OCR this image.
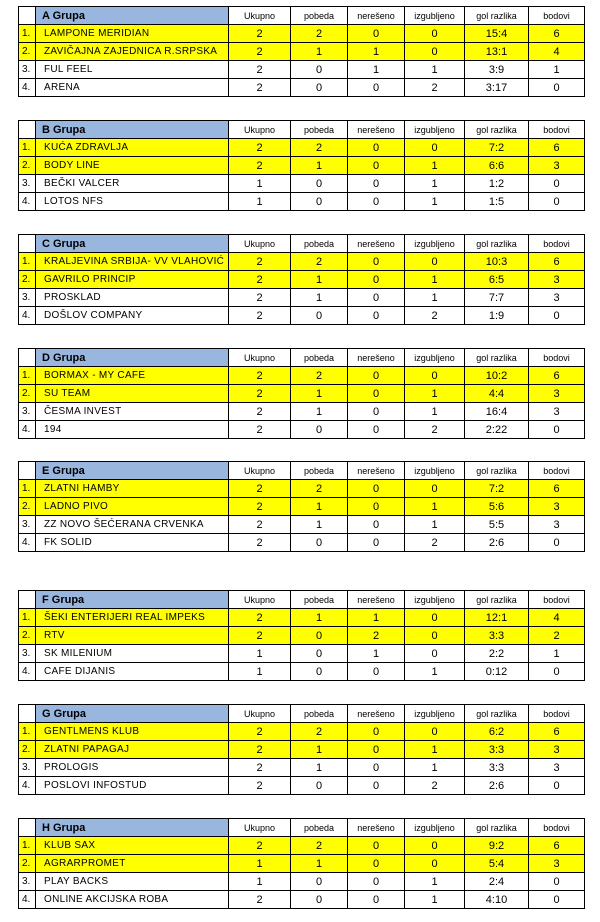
	A Grupa	Ukupno	pobeda	nerešeno	izgubljeno	gol razlika	bodovi
1.	LAMPONE MERIDIAN	2	2	0	0	15:4	6
2.	ZAVIČAJNA ZAJEDNICA R.SRPSKA	2	1	1	0	13:1	4
3.	FUL FEEL	2	0	1	1	3:9	1
4.	ARENA	2	0	0	2	3:17	0
	B Grupa	Ukupno	pobeda	nerešeno	izgubljeno	gol razlika	bodovi
1.	KUĆA ZDRAVLJA	2	2	0	0	7:2	6
2.	BODY LINE	2	1	0	1	6:6	3
3.	BEČKI VALCER	1	0	0	1	1:2	0
4.	LOTOS NFS	1	0	0	1	1:5	0
	C Grupa	Ukupno	pobeda	nerešeno	izgubljeno	gol razlika	bodovi
1.	KRALJEVINA SRBIJA- VV VLAHOVIĆ	2	2	0	0	10:3	6
2.	GAVRILO PRINCIP	2	1	0	1	6:5	3
3.	PROSKLAD	2	1	0	1	7:7	3
4.	DOŠLOV COMPANY	2	0	0	2	1:9	0
	D Grupa	Ukupno	pobeda	nerešeno	izgubljeno	gol razlika	bodovi
1.	BORMAX - MY CAFE	2	2	0	0	10:2	6
2.	SU TEAM	2	1	0	1	4:4	3
3.	ČESMA INVEST	2	1	0	1	16:4	3
4.	194	2	0	0	2	2:22	0
	E Grupa	Ukupno	pobeda	nerešeno	izgubljeno	gol razlika	bodovi
1.	ZLATNI HAMBY	2	2	0	0	7:2	6
2.	LADNO PIVO	2	1	0	1	5:6	3
3.	ZZ NOVO ŠEĆERANA CRVENKA	2	1	0	1	5:5	3
4.	FK SOLID	2	0	0	2	2:6	0
	F Grupa	Ukupno	pobeda	nerešeno	izgubljeno	gol razlika	bodovi
1.	ŠEKI ENTERIJERI REAL IMPEKS	2	1	1	0	12:1	4
2.	RTV	2	0	2	0	3:3	2
3.	SK MILENIUM	1	0	1	0	2:2	1
4.	CAFE DIJANIS	1	0	0	1	0:12	0
	G Grupa	Ukupno	pobeda	nerešeno	izgubljeno	gol razlika	bodovi
1.	GENTLMENS KLUB	2	2	0	0	6:2	6
2.	ZLATNI PAPAGAJ	2	1	0	1	3:3	3
3.	PROLOGIS	2	1	0	1	3:3	3
4.	POSLOVI INFOSTUD	2	0	0	2	2:6	0
	H Grupa	Ukupno	pobeda	nerešeno	izgubljeno	gol razlika	bodovi
1.	KLUB SAX	2	2	0	0	9:2	6
2.	AGRARPROMET	1	1	0	0	5:4	3
3.	PLAY BACKS	1	0	0	1	2:4	0
4.	ONLINE AKCIJSKA ROBA	2	0	0	1	4:10	0
